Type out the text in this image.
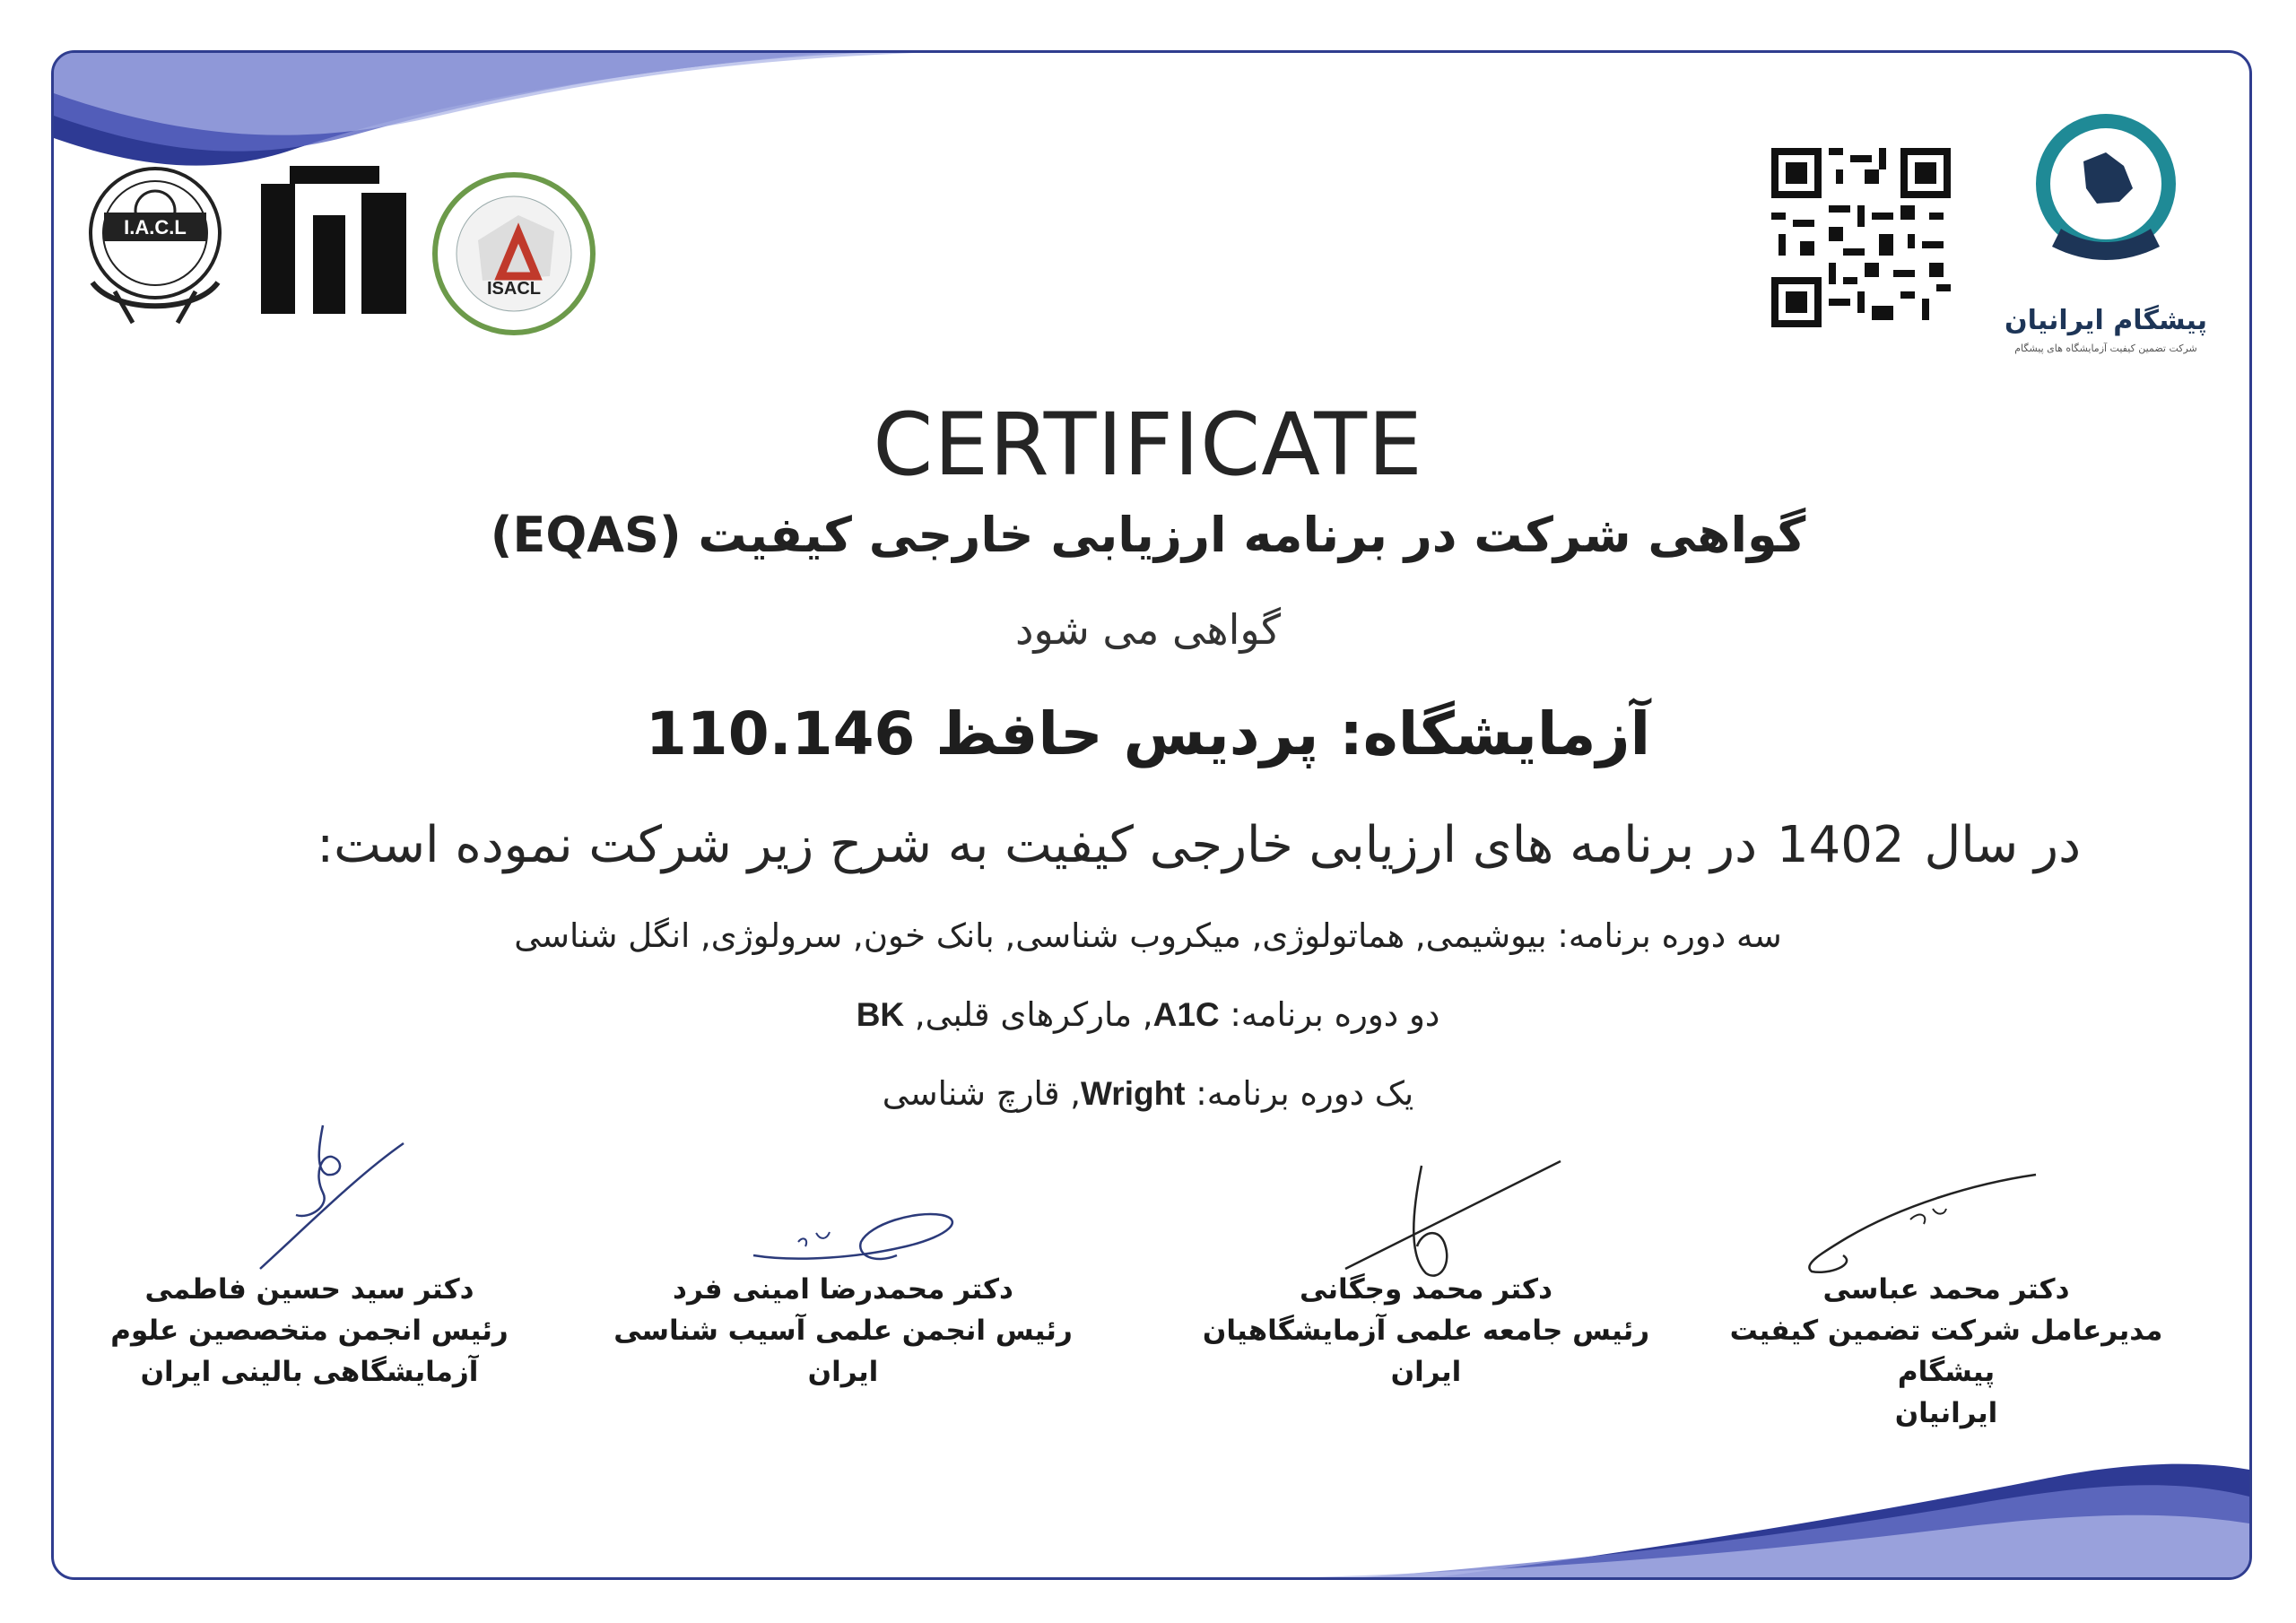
I.A.C.L
ISACL
پیشگام ایرانیان
شرکت تضمین کیفیت آزمایشگاه های پیشگام
CERTIFICATE
گواهی شرکت در برنامه ارزیابی خارجی کیفیت (EQAS)
گواهی می شود
آزمایشگاه: پردیس حافظ 110.146
در سال1402در برنامه های ارزیابی خارجی کیفیت به شرح زیر شرکت نموده است:
سه دوره برنامه: بیوشیمی, هماتولوژی, میکروب شناسی, بانک خون, سرولوژی, انگل شناسی
دو دوره برنامه: A1C, مارکرهای قلبی, BK
یک دوره برنامه: Wright, قارچ شناسی
دکتر محمد عباسی
مدیرعامل شرکت تضمین کیفیت پیشگام
ایرانیان
دکتر محمد وجگانی
رئیس جامعه علمی آزمایشگاهیان ایران
دکتر محمدرضا امینی فرد
رئیس انجمن علمی آسیب شناسی
ایران
دکتر سید حسین فاطمی
رئیس انجمن متخصصین علوم
آزمایشگاهی بالینی ایران
